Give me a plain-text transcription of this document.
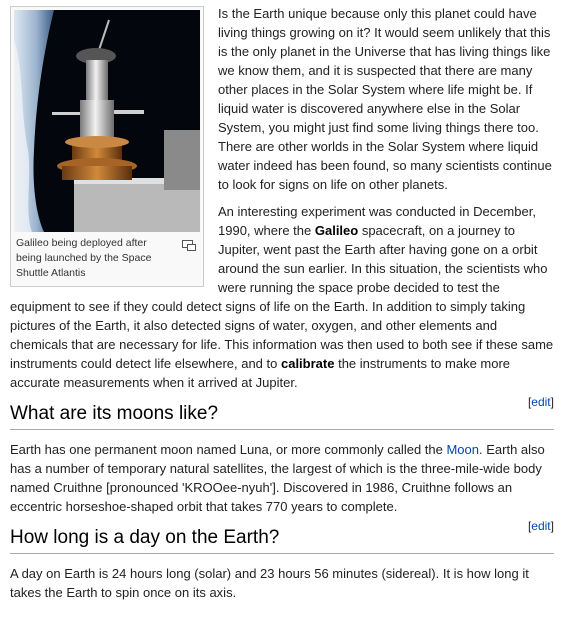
Galileo being deployed after being launched by the Space Shuttle Atlantis

Is the Earth unique because only this planet could have living things growing on it? It would seem unlikely that this is the only planet in the Universe that has living things like we know them, and it is suspected that there are many other places in the Solar System where life might be. If liquid water is discovered anywhere else in the Solar System, you might just find some living things there too. There are other worlds in the Solar System where liquid water indeed has been found, so many scientists continue to look for signs on life on other planets.

An interesting experiment was conducted in December, 1990, where the Galileo spacecraft, on a journey to Jupiter, went past the Earth after having gone on a orbit around the sun earlier. In this situation, the scientists who were running the space probe decided to test the equipment to see if they could detect signs of life on the Earth. In addition to simply taking pictures of the Earth, it also detected signs of water, oxygen, and other elements and chemicals that are necessary for life. This information was then used to both see if these same instruments could detect life elsewhere, and to calibrate the instruments to make more accurate measurements when it arrived at Jupiter.

What are its moons like?
[edit]

Earth has one permanent moon named Luna, or more commonly called the Moon. Earth also has a number of temporary natural satellites, the largest of which is the three-mile-wide body named Cruithne [pronounced 'KROOee-nyuh']. Discovered in 1986, Cruithne follows an eccentric horseshoe-shaped orbit that takes 770 years to complete.

How long is a day on the Earth?
[edit]

A day on Earth is 24 hours long (solar) and 23 hours 56 minutes (sidereal). It is how long it takes the Earth to spin once on its axis.
